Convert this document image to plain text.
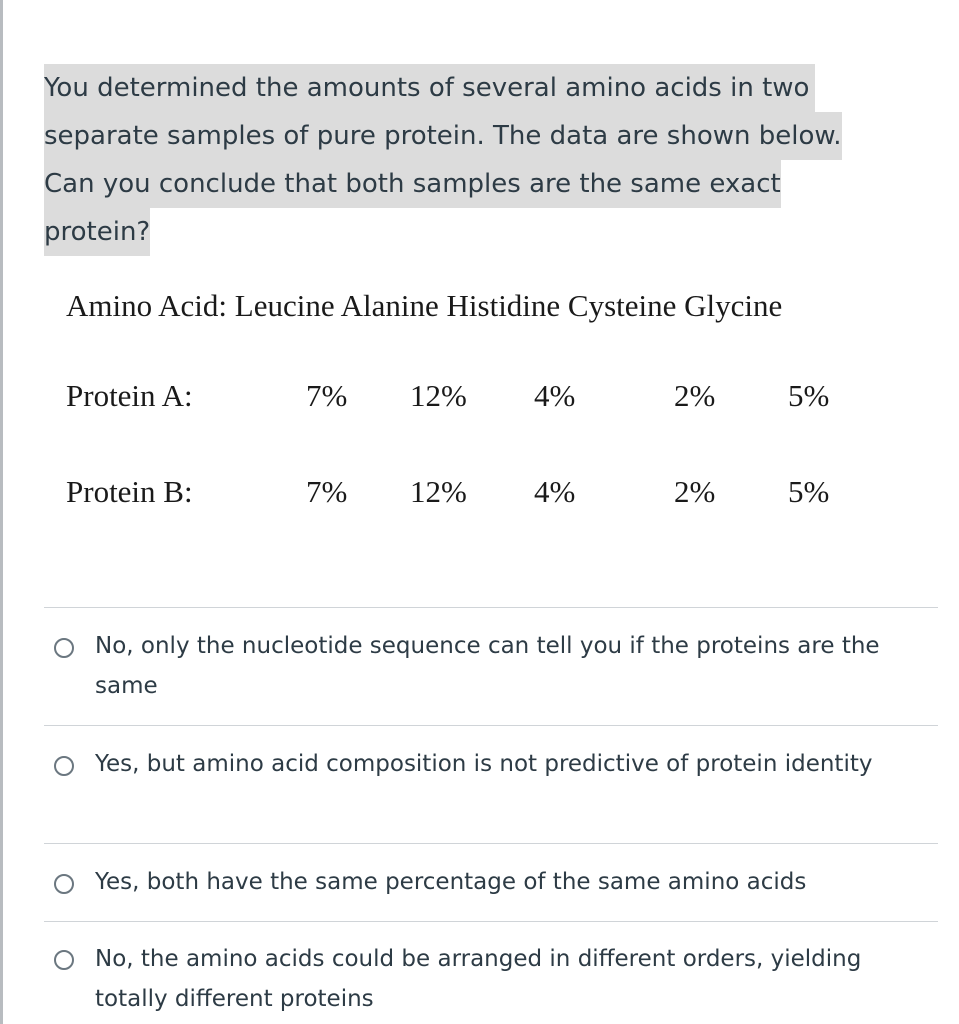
You determined the amounts of several amino acids in two
separate samples of pure protein. The data are shown below.
Can you conclude that both samples are the same exact
protein?
Amino Acid: Leucine Alanine Histidine Cysteine Glycine
Protein A:	7% 12% 4%	2% 5%
Protein B:	7% 12% 4%	2% 5%
No, only the nucleotide sequence can tell you if the proteins are the same
Yes, but amino acid composition is not predictive of protein identity
Yes, both have the same percentage of the same amino acids
No, the amino acids could be arranged in different orders, yielding totally different proteins
